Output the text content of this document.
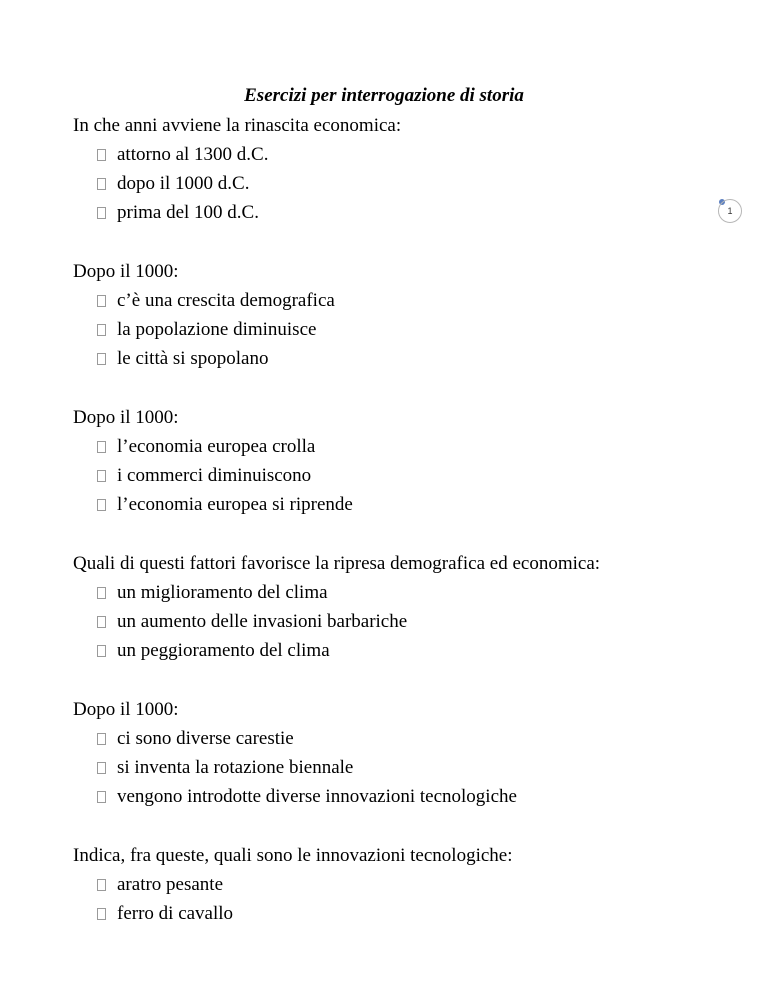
Esercizi per interrogazione di storia
1
In che anni avviene la rinascita economica:
attorno al 1300 d.C.
dopo il 1000 d.C.
prima del 100 d.C.
Dopo il 1000:
c’è una crescita demografica
la popolazione diminuisce
le città si spopolano
Dopo il 1000:
l’economia europea crolla
i commerci diminuiscono
l’economia europea si riprende
Quali di questi fattori favorisce la ripresa demografica ed economica:
un miglioramento del clima
un aumento delle invasioni barbariche
un peggioramento del clima
Dopo il 1000:
ci sono diverse carestie
si inventa la rotazione biennale
vengono introdotte diverse innovazioni tecnologiche
Indica, fra queste, quali sono le innovazioni tecnologiche:
aratro pesante
ferro di cavallo
